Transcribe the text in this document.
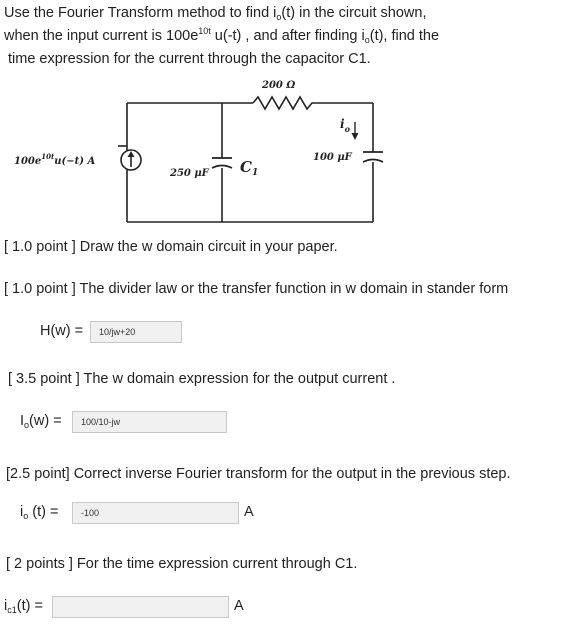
Use the Fourier Transform method to find $i_o(t)$ in the circuit shown,
when the input current is $100e^{10t}$ u(-t) , and after finding $i_o(t)$, find the
time expression for the current through the capacitor C1.
200 Ω
$100e^{10t}u(-t)$ A
250 μF $C_1$
100 μF
$i_o$
[ 1.0 point ] Draw the w domain circuit in your paper.
[ 1.0 point ] The divider law or the transfer function in w domain in stander form
H(w) =	10/jw+20
[ 3.5 point ] The w domain expression for the output current .
$I_o(w)$ =	100/10-jw
[2.5 point] Correct inverse Fourier transform for the output in the previous step.
$i_o$ (t) =	-100	A
[ 2 points ] For the time expression current through C1.
$i_{c1}(t)$ =	A
